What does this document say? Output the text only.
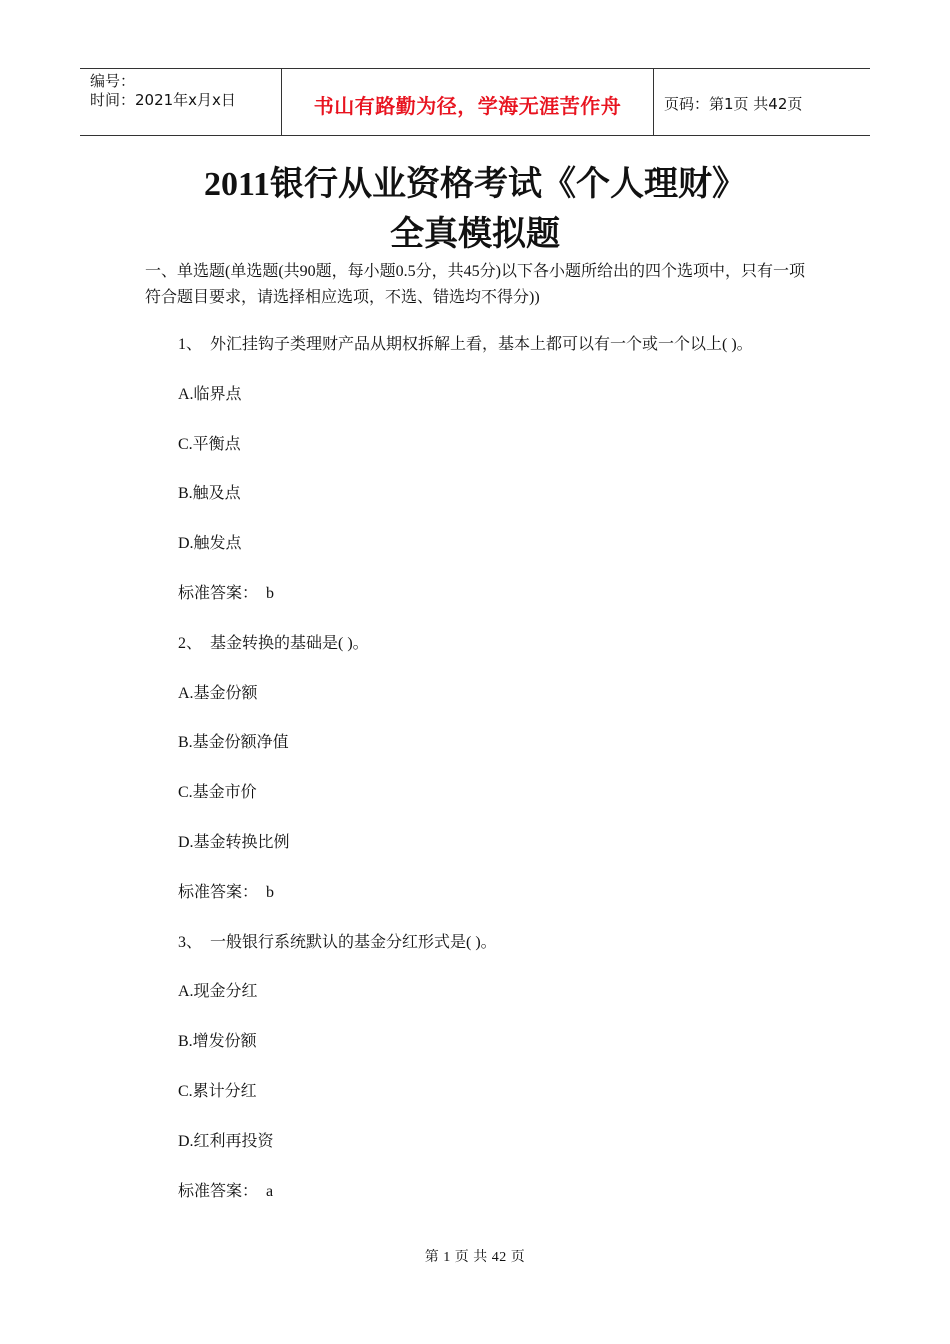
编号：
时间：2021年x月x日	书山有路勤为径，学海无涯苦作舟	页码：第1页 共42页
2011银行从业资格考试《个人理财》
全真模拟题
一、单选题(单选题(共90题，每小题0.5分，共45分)以下各小题所给出的四个选项中，只有一项符合题目要求，请选择相应选项，不选、错选均不得分))
1、  外汇挂钩子类理财产品从期权拆解上看，基本上都可以有一个或一个以上( )。
A.临界点
C.平衡点
B.触及点
D.触发点
标准答案：  b
2、  基金转换的基础是( )。
A.基金份额
B.基金份额净值
C.基金市价
D.基金转换比例
标准答案：  b
3、  一般银行系统默认的基金分红形式是( )。
A.现金分红
B.增发份额
C.累计分红
D.红利再投资
标准答案：  a
第 1 页 共 42 页
